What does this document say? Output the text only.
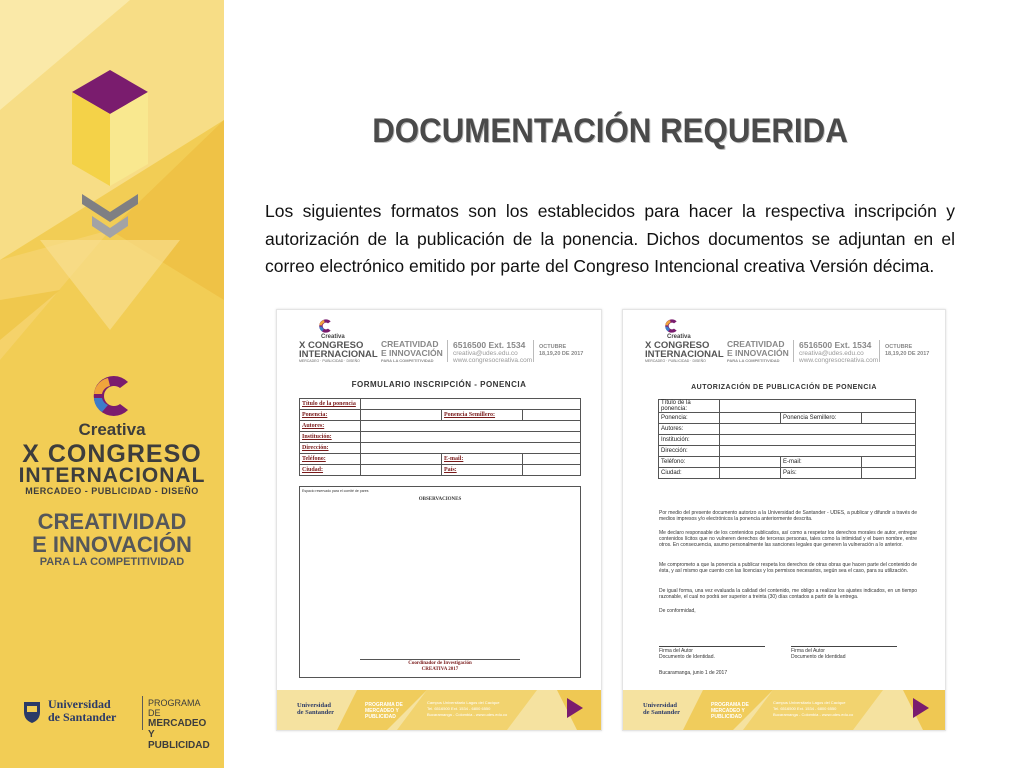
Creativa
X CONGRESO
INTERNACIONAL
MERCADEO - PUBLICIDAD - DISEÑO
CREATIVIDAD
E INNOVACIÓN
PARA LA COMPETITIVIDAD
Universidad
de Santander
PROGRAMA DE
MERCADEO Y
PUBLICIDAD
DOCUMENTACIÓN REQUERIDA
Los siguientes formatos son los establecidos para hacer la respectiva inscripción y autorización de la publicación de la ponencia. Dichos documentos se adjuntan en el correo electrónico emitido por parte del Congreso Intencional creativa Versión décima.
Creativa
X CONGRESO
INTERNACIONAL
MERCADEO · PUBLICIDAD · DISEÑO
CREATIVIDAD
E INNOVACIÓN
PARA LA COMPETITIVIDAD
6516500 Ext. 1534
creativa@udes.edu.co
www.congresocreativa.com
OCTUBRE
18,19,20 DE 2017
FORMULARIO INSCRIPCIÓN - PONENCIA
Título de la ponencia			
Ponencia:		Ponencia Semillero:	
Autores:			
Institución:			
Dirección:			
Teléfono:		E-mail:	
Ciudad:		País:	
Espacio reservado para el comité de pares
OBSERVACIONES
Coordinador de Investigación
CREATIVA 2017
Universidad
de Santander
PROGRAMA DE
MERCADEO Y
PUBLICIDAD
Campus Universitario Lagos del Cacique
Tel. 6516500 Ext. 1534 - 6800 6550
Bucaramanga - Colombia - www.udes.edu.co
Creativa
X CONGRESO
INTERNACIONAL
MERCADEO · PUBLICIDAD · DISEÑO
CREATIVIDAD
E INNOVACIÓN
PARA LA COMPETITIVIDAD
6516500 Ext. 1534
creativa@udes.edu.co
www.congresocreativa.com
OCTUBRE
18,19,20 DE 2017
AUTORIZACIÓN DE PUBLICACIÓN DE PONENCIA
Título de la ponencia:			
Ponencia:		Ponencia Semillero:	
Autores:			
Institución:			
Dirección:			
Teléfono:		E-mail:	
Ciudad:		País:	
Por medio del presente documento autorizo a la Universidad de Santander - UDES, a publicar y difundir a través de medios impresos y/o electrónicos la ponencia anteriormente descrita.
Me declaro responsable de los contenidos publicados, así como a respetar los derechos morales de autor, entregar contenidos lícitos que no vulneren derechos de terceras personas, tales como la intimidad y el buen nombre, entre otros. En consecuencia, asumo personalmente las sanciones legales que generen la vulneración a lo anterior.
Me comprometo a que la ponencia a publicar respeta los derechos de otras obras que hacen parte del contenido de ésta, y así mismo que cuento con las licencias y los permisos necesarios, según sea el caso, para su utilización.
De igual forma, una vez evaluada la calidad del contenido, me obligo a realizar los ajustes indicados, en un tiempo razonable, el cual no podrá ser superior a treinta (30) días contados a partir de la entrega.
De conformidad,
Firma del Autor
Documento de Identidad.
Firma del Autor
Documento de Identidad
Bucaramanga, junio 1 de 2017
Universidad
de Santander
PROGRAMA DE
MERCADEO Y
PUBLICIDAD
Campus Universitario Lagos del Cacique
Tel. 6516500 Ext. 1534 - 6800 6550
Bucaramanga - Colombia - www.udes.edu.co
